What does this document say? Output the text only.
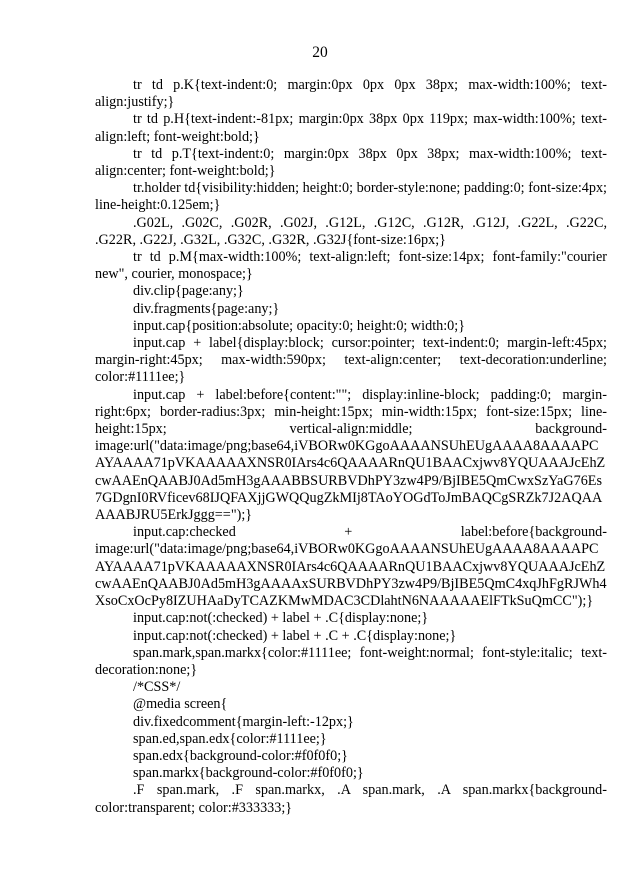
20

tr td p.K{text-indent:0; margin:0px 0px 0px 38px; max-width:100%; text-align:justify;}

tr td p.H{text-indent:-81px; margin:0px 38px 0px 119px; max-width:100%; text-align:left; font-weight:bold;}

tr td p.T{text-indent:0; margin:0px 38px 0px 38px; max-width:100%; text-align:center; font-weight:bold;}

tr.holder td{visibility:hidden; height:0; border-style:none; padding:0; font-size:4px; line-height:0.125em;}

.G02L, .G02C, .G02R, .G02J, .G12L, .G12C, .G12R, .G12J, .G22L, .G22C, .G22R, .G22J, .G32L, .G32C, .G32R, .G32J{font-size:16px;}

tr td p.M{max-width:100%; text-align:left; font-size:14px; font-family:"courier new", courier, monospace;}

div.clip{page:any;}

div.fragments{page:any;}

input.cap{position:absolute; opacity:0; height:0; width:0;}

input.cap + label{display:block; cursor:pointer; text-indent:0; margin-left:45px; margin-right:45px; max-width:590px; text-align:center; text-decoration:underline; color:#1111ee;}

input.cap + label:before{content:""; display:inline-block; padding:0; margin-right:6px; border-radius:3px; min-height:15px; min-width:15px; font-size:15px; line-height:15px; vertical-align:middle; background-image:url("data:image/png;base64,iVBORw0KGgoAAAANSUhEUgAAAA8AAAAPCAYAAAA71pVKAAAAAXNSR0IArs4c6QAAAARnQU1BAACxjwv8YQUAAAJcEhZcwAAEnQAABJ0Ad5mH3gAAABBSURBVDhPY3zw4P9/BjIBE5QmCwxSzYaG76Es7GDgnI0RVficev68IJQFAXjjGWQQugZkMIj8TAoYOGdToJmBAQCgSRZk7J2AQAAAAABJRU5ErkJggg==");}

input.cap:checked + label:before{background-image:url("data:image/png;base64,iVBORw0KGgoAAAANSUhEUgAAAA8AAAAPCAYAAAA71pVKAAAAAXNSR0IArs4c6QAAAARnQU1BAACxjwv8YQUAAAJcEhZcwAAEnQAABJ0Ad5mH3gAAAAxSURBVDhPY3zw4P9/BjIBE5QmC4xqJhFgRJWh4XsoCxOcPy8IZUHAaDyTCAZKMwMDAC3CDlahtN6NAAAAAElFTkSuQmCC");}

input.cap:not(:checked) + label + .C{display:none;}

input.cap:not(:checked) + label + .C + .C{display:none;}

span.mark,span.markx{color:#1111ee; font-weight:normal; font-style:italic; text-decoration:none;}

/*CSS*/

@media screen{

div.fixedcomment{margin-left:-12px;}

span.ed,span.edx{color:#1111ee;}

span.edx{background-color:#f0f0f0;}

span.markx{background-color:#f0f0f0;}

.F span.mark, .F span.markx, .A span.mark, .A span.markx{background-color:transparent; color:#333333;}
